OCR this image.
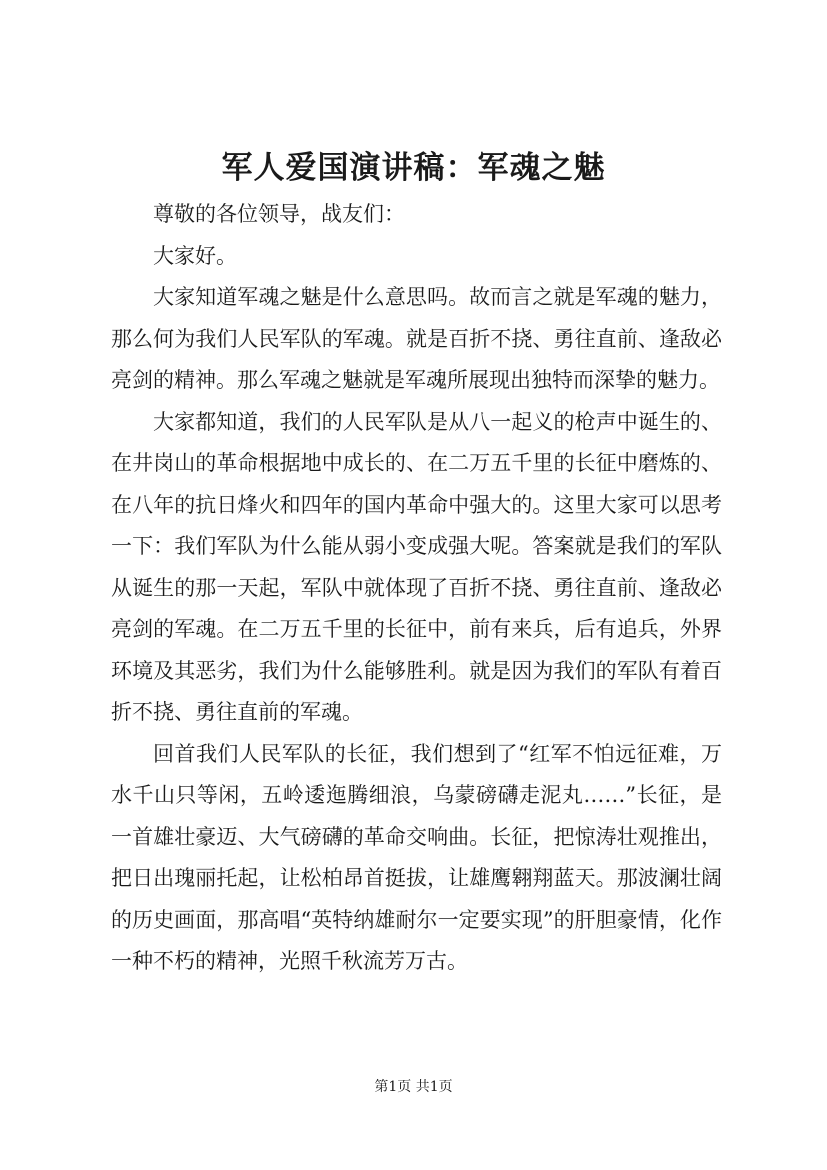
军人爱国演讲稿：军魂之魅

尊敬的各位领导，战友们：

大家好。

大家知道军魂之魅是什么意思吗。故而言之就是军魂的魅力，那么何为我们人民军队的军魂。就是百折不挠、勇往直前、逢敌必亮剑的精神。那么军魂之魅就是军魂所展现出独特而深挚的魅力。

大家都知道，我们的人民军队是从八一起义的枪声中诞生的、在井岗山的革命根据地中成长的、在二万五千里的长征中磨炼的、在八年的抗日烽火和四年的国内革命中强大的。这里大家可以思考一下：我们军队为什么能从弱小变成强大呢。答案就是我们的军队从诞生的那一天起，军队中就体现了百折不挠、勇往直前、逢敌必亮剑的军魂。在二万五千里的长征中，前有来兵，后有追兵，外界环境及其恶劣，我们为什么能够胜利。就是因为我们的军队有着百折不挠、勇往直前的军魂。

回首我们人民军队的长征，我们想到了“红军不怕远征难，万水千山只等闲，五岭逶迤腾细浪，乌蒙磅礴走泥丸……”长征，是一首雄壮豪迈、大气磅礴的革命交响曲。长征，把惊涛壮观推出，把日出瑰丽托起，让松柏昂首挺拔，让雄鹰翱翔蓝天。那波澜壮阔的历史画面，那高唱“英特纳雄耐尔一定要实现”的肝胆豪情，化作一种不朽的精神，光照千秋流芳万古。

第1页 共1页
